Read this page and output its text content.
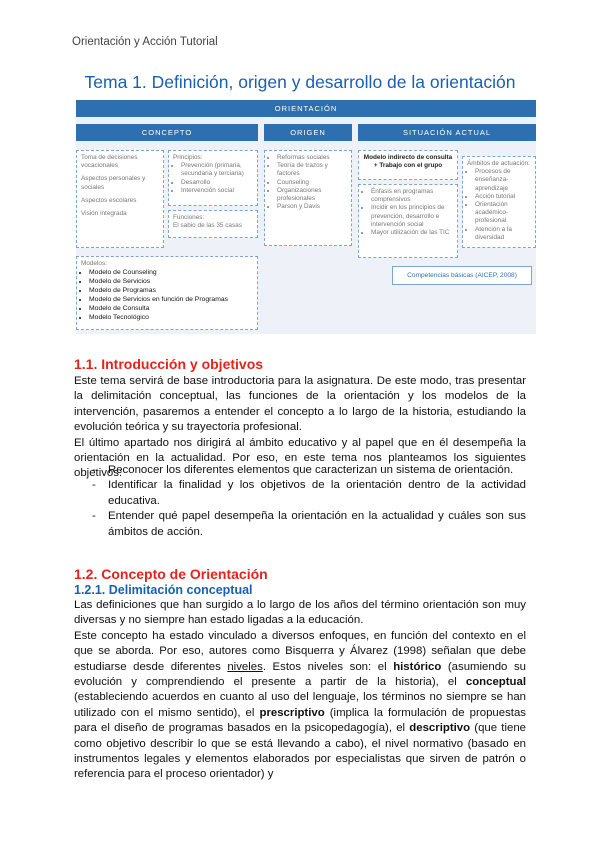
Orientación y Acción Tutorial
Tema 1. Definición, origen y desarrollo de la orientación
ORIENTACIÓN
CONCEPTO	ORIGEN	SITUACIÓN ACTUAL

Toma de decisiones vocacionales

Aspectos personales y sociales

Aspectos escolares

Visión integrada

Principios:
• Prevención (primaria, secundaria y terciaria)
• Desarrollo
• Intervención social
Funciones:
El sabio de las 35 casas
Modelos:
• Modelo de Counseling
• Modelo de Servicios
• Modelo de Programas
• Modelo de Servicios en función de Programas
• Modelo de Consulta
• Modelo Tecnológico
• Reformas sociales
• Teoría de trazos y factores
• Counseling
• Organizaciones profesionales
• Parson y Davis
Modelo indirecto de consulta + Trabajo con el grupo
• Énfasis en programas comprensivos
• Incidir en los principios de prevención, desarrollo e intervención social
• Mayor utilización de las TIC
Ámbitos de actuación:
• Procesos de enseñanza-aprendizaje
• Acción tutorial
• Orientación académico-profesional
• Atención a la diversidad
Competencias básicas (AICEP, 2008)
1.1. Introducción y objetivos

Este tema servirá de base introductoria para la asignatura. De este modo, tras presentar la delimitación conceptual, las funciones de la orientación y los modelos de la intervención, pasaremos a entender el concepto a lo largo de la historia, estudiando la evolución teórica y su trayectoria profesional.

El último apartado nos dirigirá al ámbito educativo y al papel que en él desempeña la orientación en la actualidad. Por eso, en este tema nos planteamos los siguientes objetivos:

- Reconocer los diferentes elementos que caracterizan un sistema de orientación.
- Identificar la finalidad y los objetivos de la orientación dentro de la actividad educativa.
- Entender qué papel desempeña la orientación en la actualidad y cuáles son sus ámbitos de acción.
1.2. Concepto de Orientación
1.2.1. Delimitación conceptual

Las definiciones que han surgido a lo largo de los años del término orientación son muy diversas y no siempre han estado ligadas a la educación.

Este concepto ha estado vinculado a diversos enfoques, en función del contexto en el que se aborda. Por eso, autores como Bisquerra y Álvarez (1998) señalan que debe estudiarse desde diferentes niveles. Estos niveles son: el histórico (asumiendo su evolución y comprendiendo el presente a partir de la historia), el conceptual (estableciendo acuerdos en cuanto al uso del lenguaje, los términos no siempre se han utilizado con el mismo sentido), el prescriptivo (implica la formulación de propuestas para el diseño de programas basados en la psicopedagogía), el descriptivo (que tiene como objetivo describir lo que se está llevando a cabo), el nivel normativo (basado en instrumentos legales y elementos elaborados por especialistas que sirven de patrón o referencia para el proceso orientador) y
